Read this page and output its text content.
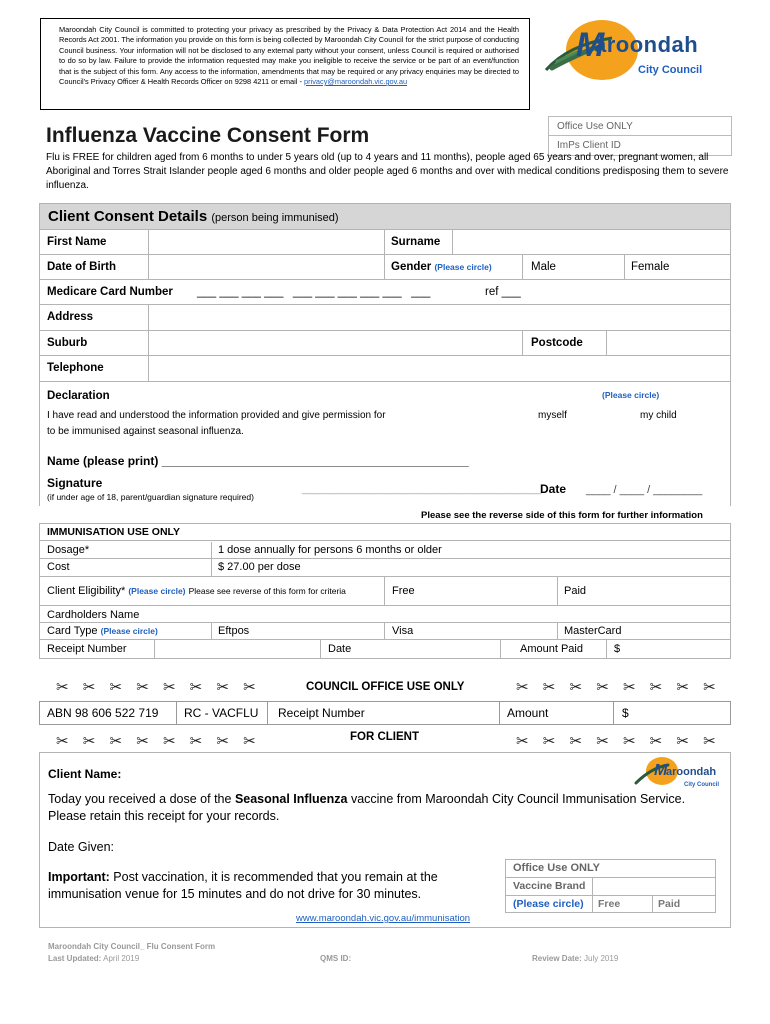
Maroondah City Council is committed to protecting your privacy as prescribed by the Privacy & Data Protection Act 2014 and the Health Records Act 2001. The information you provide on this form is being collected by Maroondah City Council for the strict purpose of conducting Council business. Your information will not be disclosed to any external party without your consent, unless Council is required or authorised to do so by law. Failure to provide the information requested may make you ineligible to receive the service or be part of an event/function that is the subject of this form. Any access to the information, amendments that may be required or any privacy enquiries may be directed to Council's Privacy Officer & Health Records Officer on 9298 4211 or email - privacy@maroondah.vic.gov.au
M
aroondah
City Council
Office Use ONLY
ImPs Client ID
Influenza Vaccine Consent Form
Flu is FREE for children aged from 6 months to under 5 years old (up to 4 years and 11 months), people aged 65 years and over, pregnant women, all Aboriginal and Torres Strait Islander people aged 6 months and older people aged 6 months and over with medical conditions predisposing them to severe influenza.
Client Consent Details (person being immunised)
First Name	Surname
Date of Birth	Gender (Please circle)	Male	Female
Medicare Card Number	___ ___ ___ ___   ___ ___ ___ ___ ___   ___	ref ___
Address
Suburb	Postcode
Telephone
Declaration	(Please circle)
I have read and understood the information provided and give permission for	myself	my child
to be immunised against seasonal influenza.
Name (please print) ______________________________________________
Signature
(if under age of 18, parent/guardian signature required)
___________________________________________
Date ____ / ____ / ________
Please see the reverse side of this form for further information
IMMUNISATION USE ONLY
Dosage*	1 dose annually for persons 6 months or older
Cost	$ 27.00 per dose
Client Eligibility* (Please circle) Please see reverse of this form for criteria	Free	Paid
Cardholders Name
Card Type (Please circle)	Eftpos	Visa	MasterCard
Receipt Number	Date	Amount Paid	$
✂ ✂ ✂ ✂ ✂ ✂ ✂ ✂	COUNCIL OFFICE USE ONLY	✂ ✂ ✂ ✂ ✂ ✂ ✂ ✂
ABN 98 606 522 719 RC - VACFLU Receipt Number	Amount	$
✂ ✂ ✂ ✂ ✂ ✂ ✂ ✂	FOR CLIENT	✂ ✂ ✂ ✂ ✂ ✂ ✂ ✂
Client Name:	aroondah
City Council
M
Today you received a dose of the Seasonal Influenza vaccine from Maroondah City Council Immunisation Service.
Please retain this receipt for your records.
Date Given:
Important: Post vaccination, it is recommended that you remain at the immunisation venue for 15 minutes and do not drive for 30 minutes.
www.maroondah.vic.gov.au/immunisation
Office Use ONLY
Vaccine Brand
(Please circle) Free	Paid
Maroondah City Council_ Flu Consent Form
Last Updated: April 2019	QMS ID:	Review Date: July 2019
